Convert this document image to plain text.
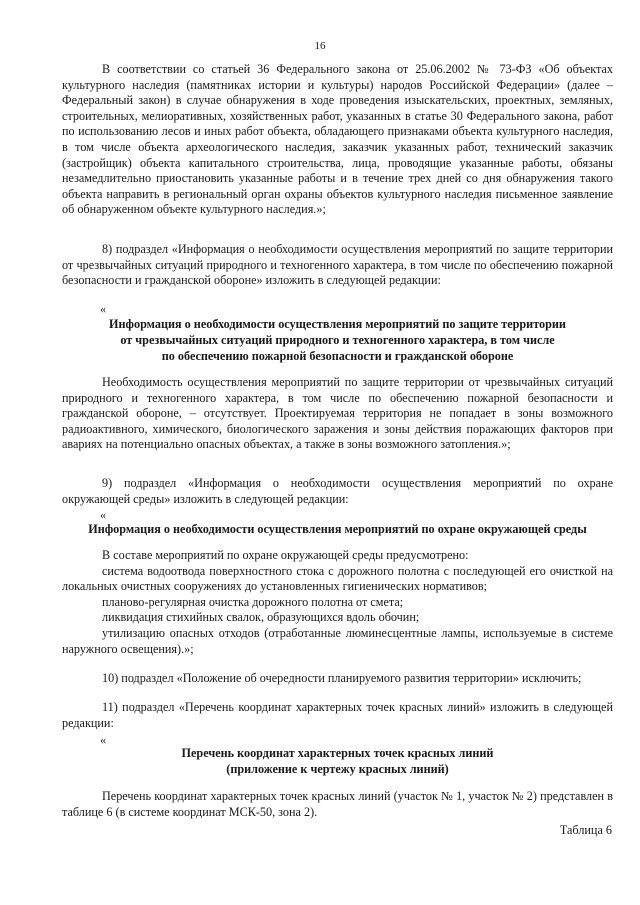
16
В соответствии со статьей 36 Федерального закона от 25.06.2002 № 73-ФЗ «Об объектах культурного наследия (памятниках истории и культуры) народов Российской Федерации» (далее – Федеральный закон) в случае обнаружения в ходе проведения изыскательских, проектных, земляных, строительных, мелиоративных, хозяйственных работ, указанных в статье 30 Федерального закона, работ по использованию лесов и иных работ объекта, обладающего признаками объекта культурного наследия, в том числе объекта археологического наследия, заказчик указанных работ, технический заказчик (застройщик) объекта капитального строительства, лица, проводящие указанные работы, обязаны незамедлительно приостановить указанные работы и в течение трех дней со дня обнаружения такого объекта направить в региональный орган охраны объектов культурного наследия письменное заявление об обнаруженном объекте культурного наследия.»;
8) подраздел «Информация о необходимости осуществления мероприятий по защите территории от чрезвычайных ситуаций природного и техногенного характера, в том числе по обеспечению пожарной безопасности и гражданской обороне» изложить в следующей редакции:
«
Информация о необходимости осуществления мероприятий по защите территории
от чрезвычайных ситуаций природного и техногенного характера, в том числе
по обеспечению пожарной безопасности и гражданской обороне
Необходимость осуществления мероприятий по защите территории от чрезвычайных ситуаций природного и техногенного характера, в том числе по обеспечению пожарной безопасности и гражданской обороне, – отсутствует. Проектируемая территория не попадает в зоны возможного радиоактивного, химического, биологического заражения и зоны действия поражающих факторов при авариях на потенциально опасных объектах, а также в зоны возможного затопления.»;
9) подраздел «Информация о необходимости осуществления мероприятий по охране окружающей среды» изложить в следующей редакции:
«
Информация о необходимости осуществления мероприятий по охране окружающей среды
В составе мероприятий по охране окружающей среды предусмотрено:
система водоотвода поверхностного стока с дорожного полотна с последующей его очисткой на локальных очистных сооружениях до установленных гигиенических нормативов;
планово-регулярная очистка дорожного полотна от смета;
ликвидация стихийных свалок, образующихся вдоль обочин;
утилизацию опасных отходов (отработанные люминесцентные лампы, используемые в системе наружного освещения).»;
10) подраздел «Положение об очередности планируемого развития территории» исключить;
11) подраздел «Перечень координат характерных точек красных линий» изложить в следующей редакции:
«
Перечень координат характерных точек красных линий
(приложение к чертежу красных линий)
Перечень координат характерных точек красных линий (участок № 1, участок № 2) представлен в таблице 6 (в системе координат МСК-50, зона 2).
Таблица 6
